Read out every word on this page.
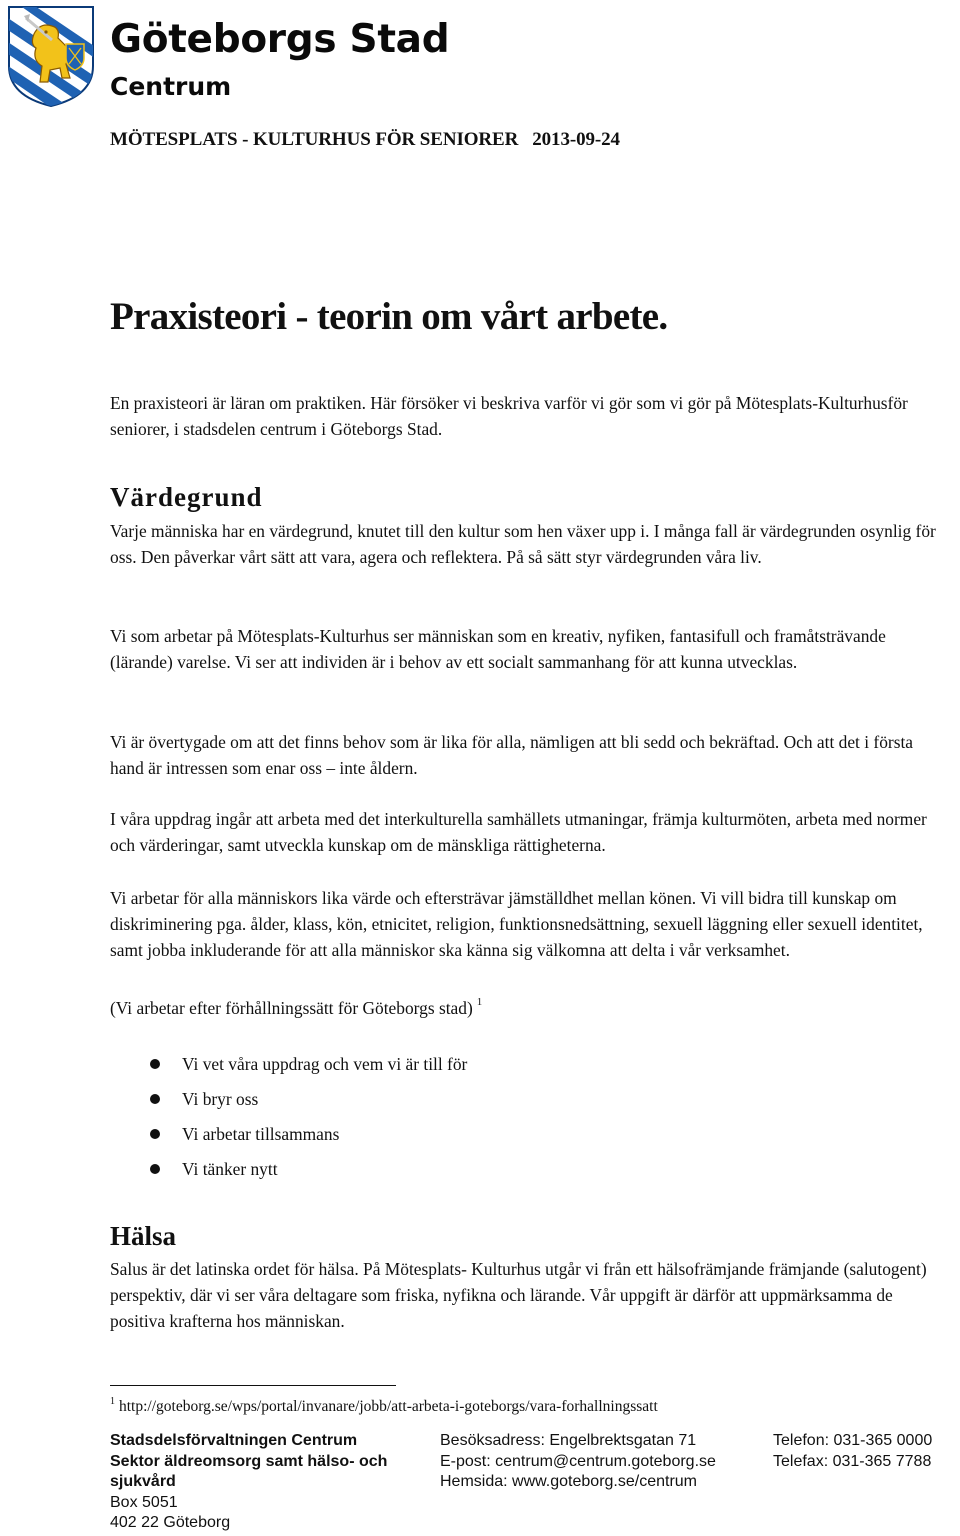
Göteborgs Stad
Centrum
MÖTESPLATS - KULTURHUS FÖR SENIORER 2013-09-24
Praxisteori - teorin om vårt arbete.

En praxisteori är läran om praktiken. Här försöker vi beskriva varför vi gör som vi gör på Mötesplats-Kulturhusför seniorer, i stadsdelen centrum i Göteborgs Stad.

Värdegrund

Varje människa har en värdegrund, knutet till den kultur som hen växer upp i. I många fall är värdegrunden osynlig för oss. Den påverkar vårt sätt att vara, agera och reflektera. På så sätt styr värdegrunden våra liv.

Vi som arbetar på Mötesplats-Kulturhus ser människan som en kreativ, nyfiken, fantasifull och framåtsträvande (lärande) varelse. Vi ser att individen är i behov av ett socialt sammanhang för att kunna utvecklas.

Vi är övertygade om att det finns behov som är lika för alla, nämligen att bli sedd och bekräftad. Och att det i första hand är intressen som enar oss – inte åldern.

I våra uppdrag ingår att arbeta med det interkulturella samhällets utmaningar, främja kulturmöten, arbeta med normer och värderingar, samt utveckla kunskap om de mänskliga rättigheterna.

Vi arbetar för alla människors lika värde och eftersträvar jämställdhet mellan könen. Vi vill bidra till kunskap om diskriminering pga. ålder, klass, kön, etnicitet, religion, funktionsnedsättning, sexuell läggning eller sexuell identitet, samt jobba inkluderande för att alla människor ska känna sig välkomna att delta i vår verksamhet.

(Vi arbetar efter förhållningssätt för Göteborgs stad) $^1$

Vi vet våra uppdrag och vem vi är till för
Vi bryr oss
Vi arbetar tillsammans
Vi tänker nytt
Hälsa

Salus är det latinska ordet för hälsa. På Mötesplats- Kulturhus utgår vi från ett hälsofrämjande främjande (salutogent) perspektiv, där vi ser våra deltagare som friska, nyfikna och lärande. Vår uppgift är därför att uppmärksamma de positiva krafterna hos människan.

$^1$ http://goteborg.se/wps/portal/invanare/jobb/att-arbeta-i-goteborgs/vara-forhallningssatt
Stadsdelsförvaltningen Centrum
Sektor äldreomsorg samt hälso- och
sjukvård
Box 5051
402 22 Göteborg
Besöksadress: Engelbrektsgatan 71
E-post: centrum@centrum.goteborg.se
Hemsida: www.goteborg.se/centrum
Telefon: 031-365 0000
Telefax: 031-365 7788
